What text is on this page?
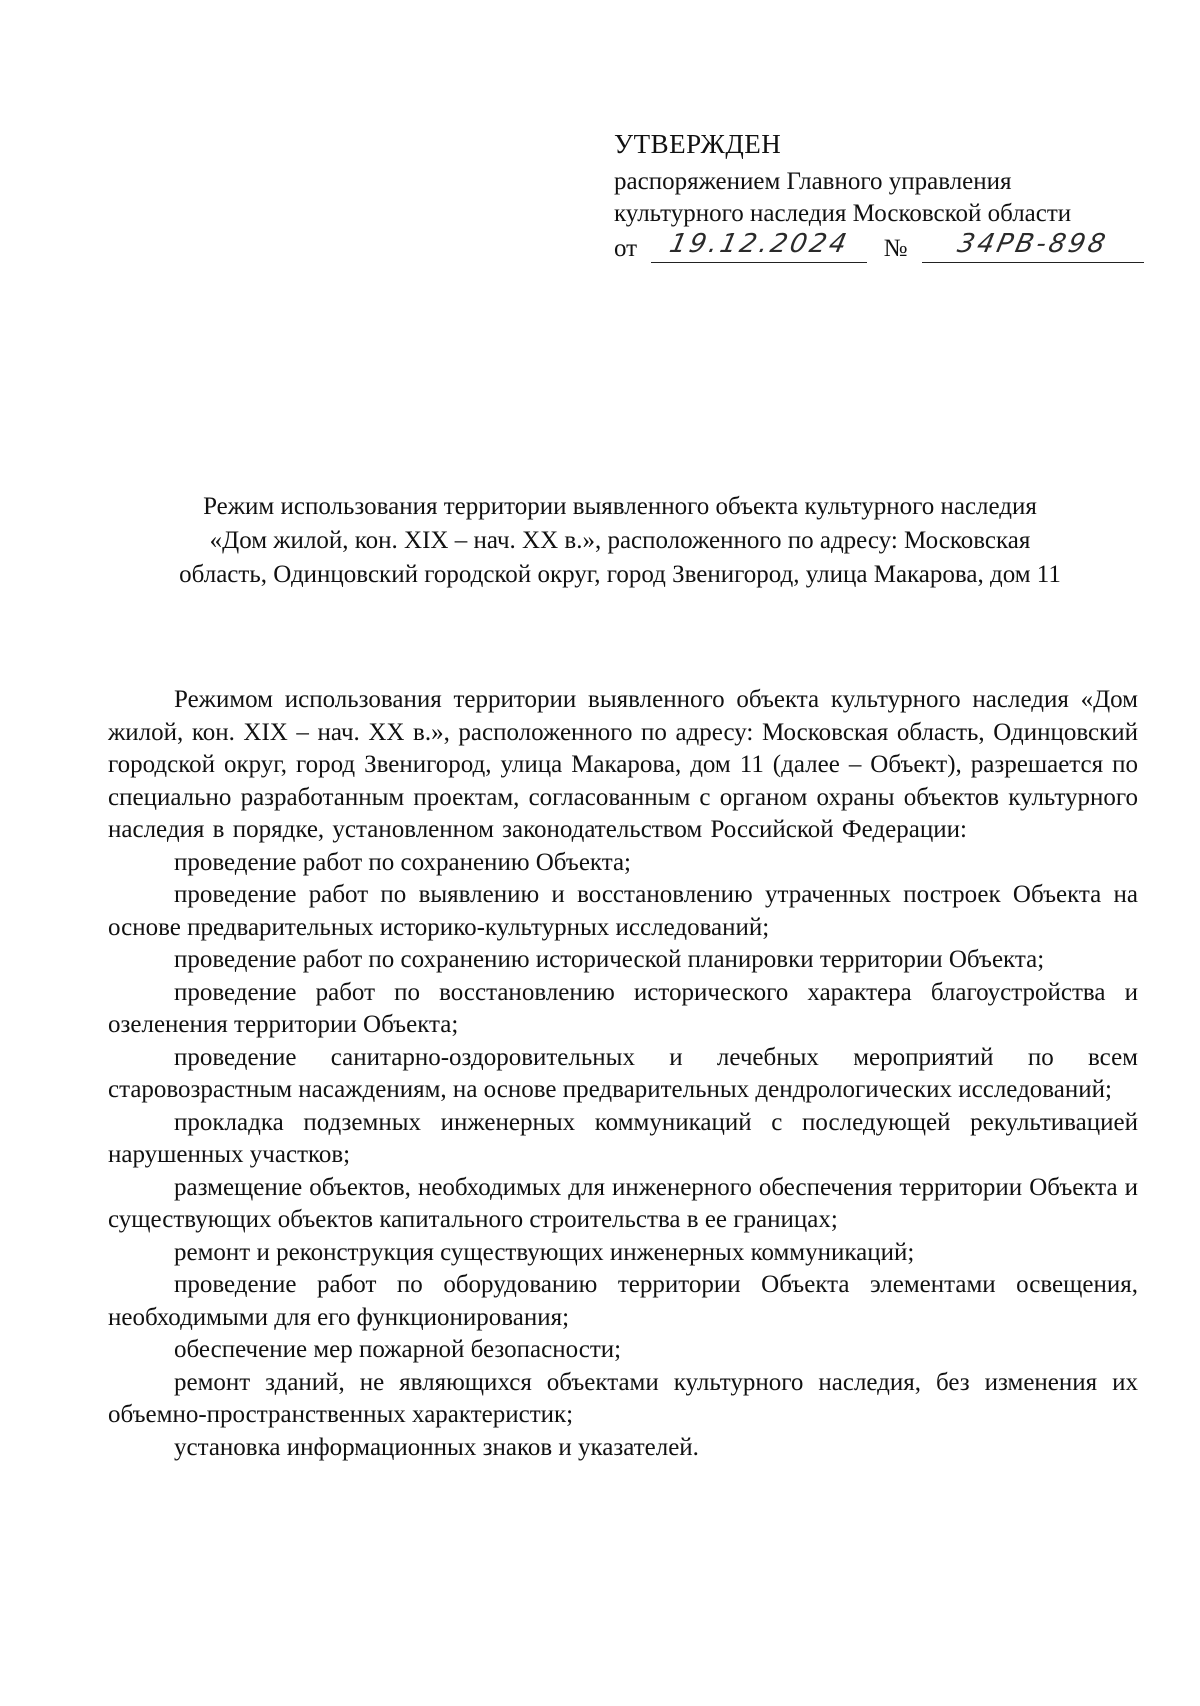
УТВЕРЖДЕН
распоряжением Главного управления
культурного наследия Московской области
от 19.12.2024 № 34РВ-898
Режим использования территории выявленного объекта культурного наследия
«Дом жилой, кон. XIX – нач. XX в.», расположенного по адресу: Московская
область, Одинцовский городской округ, город Звенигород, улица Макарова, дом 11

Режимом использования территории выявленного объекта культурного наследия «Дом жилой, кон. XIX – нач. XX в.», расположенного по адресу: Московская область, Одинцовский городской округ, город Звенигород, улица Макарова, дом 11 (далее – Объект), разрешается по специально разработанным проектам, согласованным с органом охраны объектов культурного наследия в порядке, установленном законодательством Российской Федерации:

проведение работ по сохранению Объекта;

проведение работ по выявлению и восстановлению утраченных построек Объекта на основе предварительных историко-культурных исследований;

проведение работ по сохранению исторической планировки территории Объекта;

проведение работ по восстановлению исторического характера благоустройства и озеленения территории Объекта;

проведение санитарно-оздоровительных и лечебных мероприятий по всем старовозрастным насаждениям, на основе предварительных дендрологических исследований;

прокладка подземных инженерных коммуникаций с последующей рекультивацией нарушенных участков;

размещение объектов, необходимых для инженерного обеспечения территории Объекта и существующих объектов капитального строительства в ее границах;

ремонт и реконструкция существующих инженерных коммуникаций;

проведение работ по оборудованию территории Объекта элементами освещения, необходимыми для его функционирования;

обеспечение мер пожарной безопасности;

ремонт зданий, не являющихся объектами культурного наследия, без изменения их объемно-пространственных характеристик;

установка информационных знаков и указателей.
